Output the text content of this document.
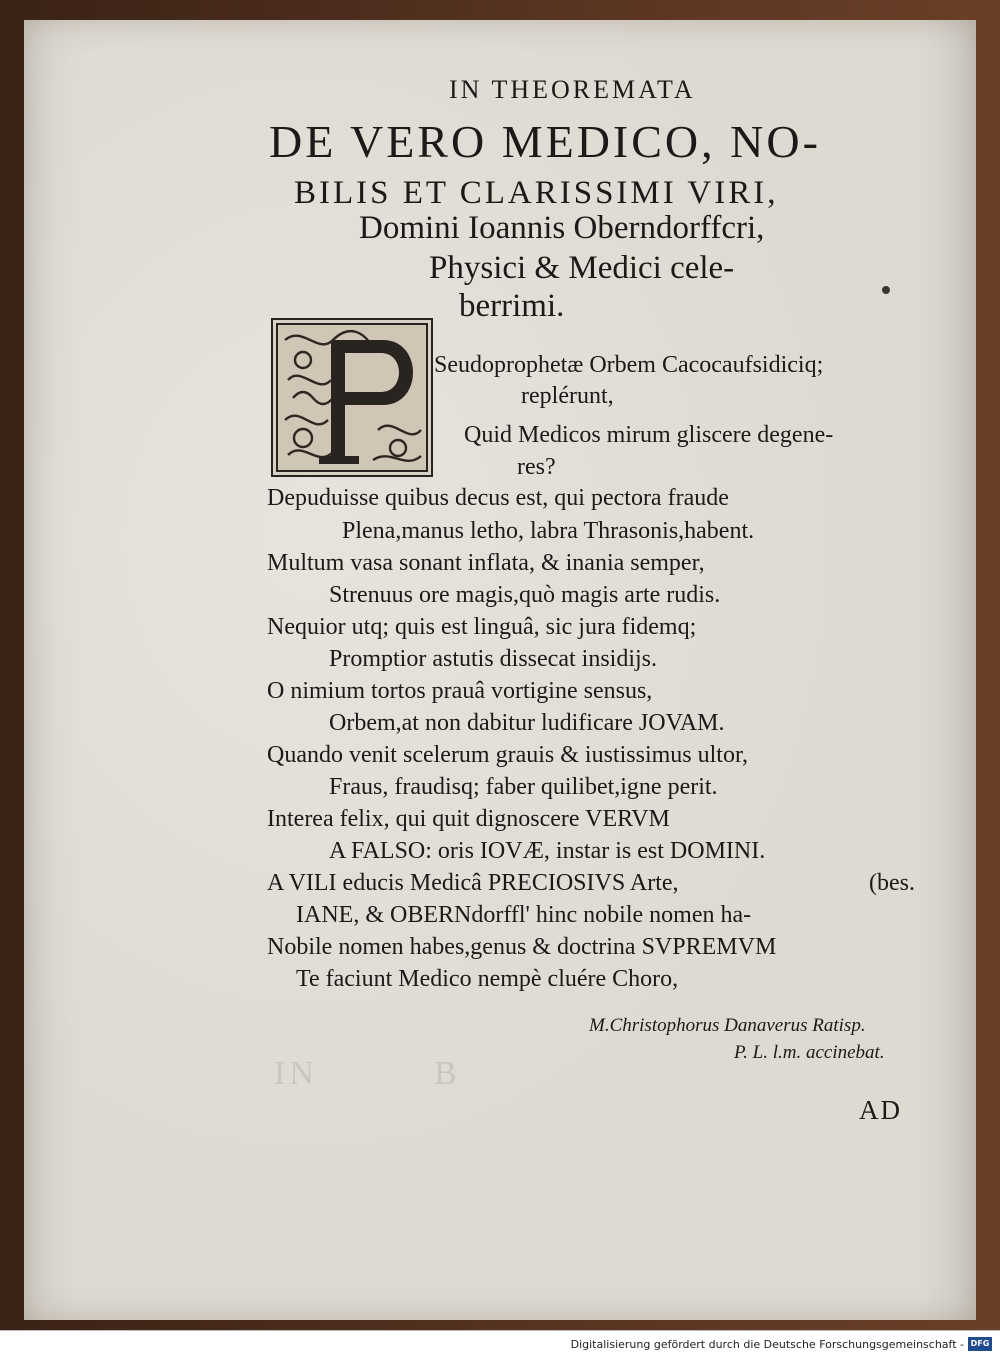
IN	B
IN THEOREMATA
DE VERO MEDICO, NO-
BILIS ET CLARISSIMI VIRI,
Domini Ioannis Oberndorffcri,
Physici & Medici cele-
berrimi.
Seudoprophetæ Orbem Cacocaufsidiciq;
replérunt,
Quid Medicos mirum gliscere degene-
res?
Depuduisse quibus decus est, qui pectora fraude
Plena,manus letho, labra Thrasonis,habent.
Multum vasa sonant inflata, & inania semper,
Strenuus ore magis,quò magis arte rudis.
Nequior utq; quis est linguâ, sic jura fidemq;
Promptior astutis dissecat insidijs.
O nimium tortos prauâ vortigine sensus,
Orbem,at non dabitur ludificare JOVAM.
Quando venit scelerum grauis & iustissimus ultor,
Fraus, fraudisq; faber quilibet,igne perit.
Interea felix, qui quit dignoscere VERVM
A FALSO: oris IOVÆ, instar is est DOMINI.
A VILI educis Medicâ PRECIOSIVS Arte,	(bes.
IANE, & OBERNdorffl' hinc nobile nomen ha-
Nobile nomen habes,genus & doctrina SVPREMVM
Te faciunt Medico nempè cluére Choro,
M.Christophorus Danaverus Ratisp.
P. L. l.m. accinebat.
AD
Digitalisierung gefördert durch die Deutsche Forschungsgemeinschaft - DFG
